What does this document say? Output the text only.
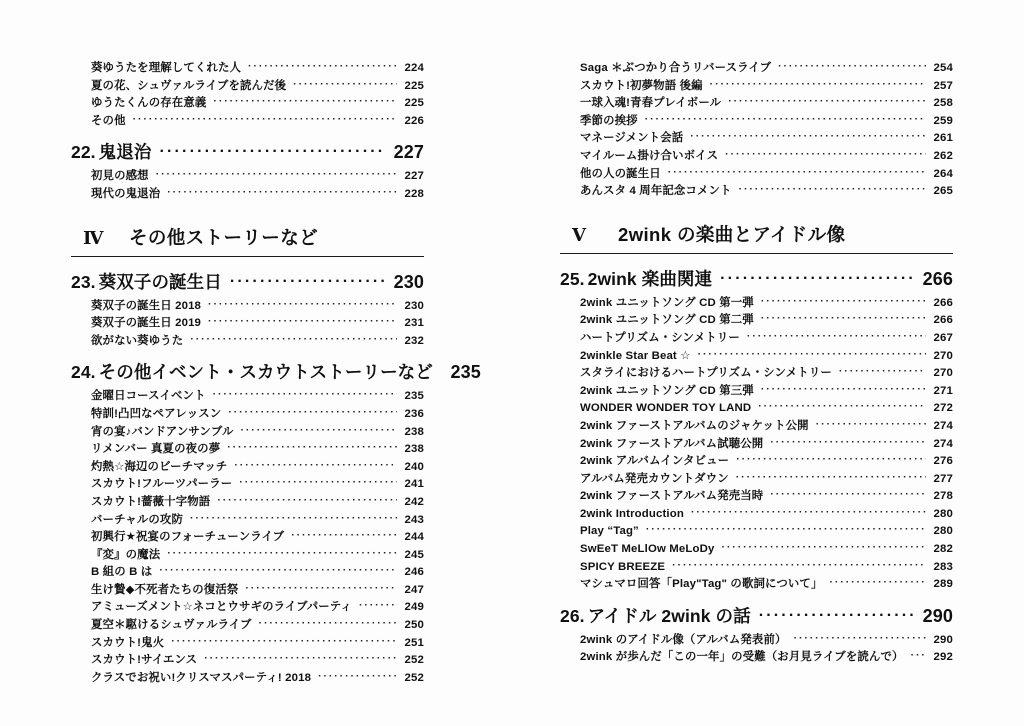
葵ゆうたを理解してくれた人 ·····	224
夏の花、シュヴァルライブを読んだ後 ·····	225
ゆうたくんの存在意義 ·····	225
その他 ·····	226
22. 鬼退治 ·····	227
初見の感想 ·····	227
現代の鬼退治 ·····	228
Ⅳ	その他ストーリーなど
23. 葵双子の誕生日 ·····	230
葵双子の誕生日 2018 ·····	230
葵双子の誕生日 2019 ·····	231
欲がない葵ゆうた ·····	232
24. その他イベント・スカウトストーリーなど 235
金曜日コースイベント ·····	235
特訓!凸凹なペアレッスン ·····	236
宵の宴♪バンドアンサンブル ·····	238
リメンバー 真夏の夜の夢 ·····	238
灼熱☆海辺のビーチマッチ ·····	240
スカウト!フルーツパーラー ·····	241
スカウト!薔薇十字物語 ·····	242
バーチャルの攻防 ·····	243
初興行★祝宴のフォーチューンライブ ·····	244
『変』の魔法 ·····	245
B 組の B は ·····	246
生け贄◆不死者たちの復活祭 ·····	247
アミューズメント☆ネコとウサギのライブパーティ ·····	249
夏空＊駆けるシュヴァルライブ ·····	250
スカウト!鬼火 ·····	251
スカウト!サイエンス ·····	252
クラスでお祝い!クリスマスパーティ! 2018 ·····	252
Saga ＊ぶつかり合うリバースライブ ·····	254
スカウト!初夢物語 後編 ·····	257
一球入魂!青春プレイボール ·····	258
季節の挨拶 ·····	259
マネージメント会話 ·····	261
マイルーム掛け合いボイス ·····	262
他の人の誕生日 ·····	264
あんスタ 4 周年記念コメント ·····	265
Ⅴ	2wink の楽曲とアイドル像
25. 2wink 楽曲関連 ·····	266
2wink ユニットソング CD 第一弾 ·····	266
2wink ユニットソング CD 第二弾 ·····	266
ハートプリズム・シンメトリー ·····	267
2winkle Star Beat ☆ ·····	270
スタライにおけるハートプリズム・シンメトリー ·····	270
2wink ユニットソング CD 第三弾 ·····	271
WONDER WONDER TOY LAND ·····	272
2wink ファーストアルバムのジャケット公開 ·····	274
2wink ファーストアルバム試聴公開 ·····	274
2wink アルバムインタビュー ·····	276
アルバム発売カウントダウン ·····	277
2wink ファーストアルバム発売当時 ·····	278
2wink Introduction ·····	280
Play “Tag” ·····	280
SwEeT MeLlOw MeLoDy ·····	282
SPICY BREEZE ·····	283
マシュマロ回答「Play"Tag" の歌詞について」 ·····	289
26. アイドル 2wink の話 ·····	290
2wink のアイドル像（アルバム発表前） ·····	290
2wink が歩んだ「この一年」の受難（お月見ライブを読んで） ·····	292
